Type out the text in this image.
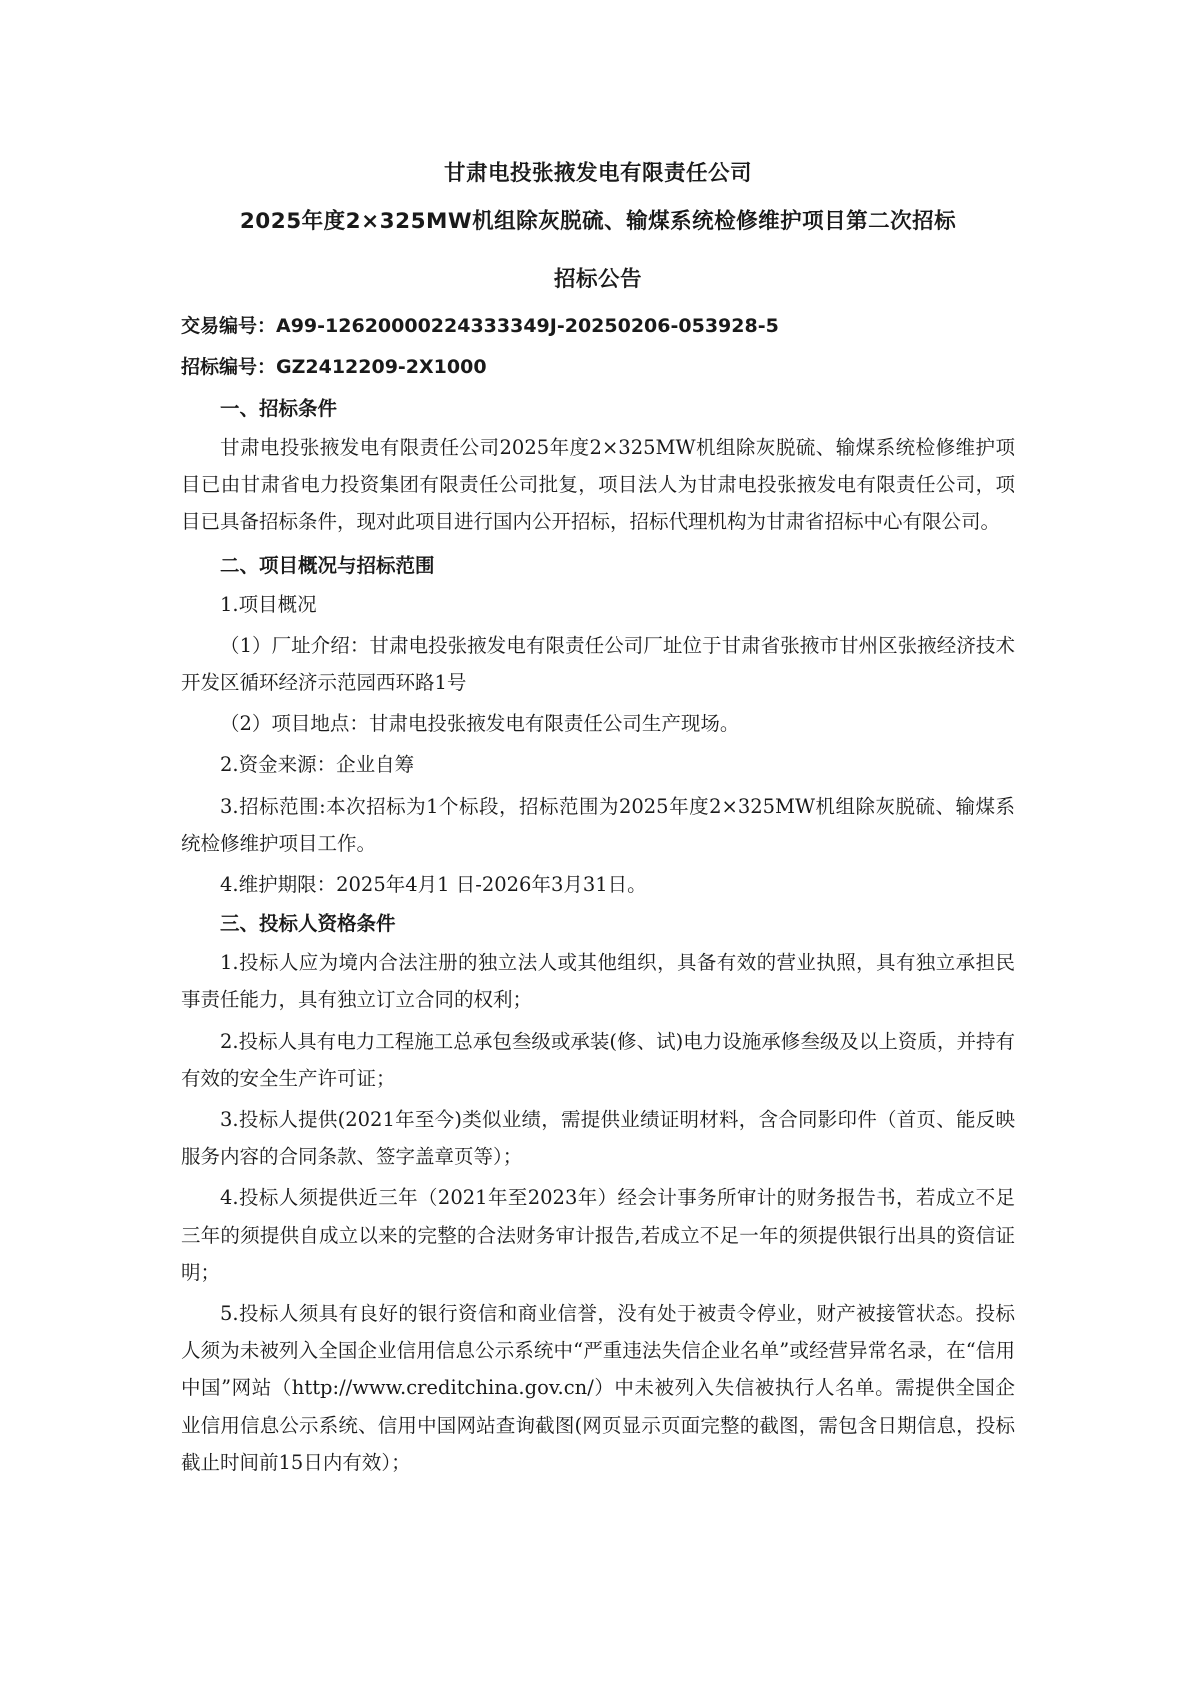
甘肃电投张掖发电有限责任公司
2025年度2×325MW机组除灰脱硫、输煤系统检修维护项目第二次招标
招标公告
交易编号：A99-12620000224333349J-20250206-053928-5
招标编号：GZ2412209-2X1000
一、招标条件

甘肃电投张掖发电有限责任公司2025年度2×325MW机组除灰脱硫、输煤系统检修维护项目已由甘肃省电力投资集团有限责任公司批复，项目法人为甘肃电投张掖发电有限责任公司，项目已具备招标条件，现对此项目进行国内公开招标，招标代理机构为甘肃省招标中心有限公司。

二、项目概况与招标范围

1.项目概况

（1）厂址介绍：甘肃电投张掖发电有限责任公司厂址位于甘肃省张掖市甘州区张掖经济技术开发区循环经济示范园西环路1号

（2）项目地点：甘肃电投张掖发电有限责任公司生产现场。

2.资金来源：企业自筹

3.招标范围:本次招标为1个标段，招标范围为2025年度2×325MW机组除灰脱硫、输煤系统检修维护项目工作。

4.维护期限：2025年4月1 日-2026年3月31日。

三、投标人资格条件

1.投标人应为境内合法注册的独立法人或其他组织，具备有效的营业执照，具有独立承担民事责任能力，具有独立订立合同的权利；

2.投标人具有电力工程施工总承包叁级或承装(修、试)电力设施承修叁级及以上资质，并持有有效的安全生产许可证；

3.投标人提供(2021年至今)类似业绩，需提供业绩证明材料，含合同影印件（首页、能反映服务内容的合同条款、签字盖章页等）；

4.投标人须提供近三年（2021年至2023年）经会计事务所审计的财务报告书，若成立不足三年的须提供自成立以来的完整的合法财务审计报告,若成立不足一年的须提供银行出具的资信证明；

5.投标人须具有良好的银行资信和商业信誉，没有处于被责令停业，财产被接管状态。投标人须为未被列入全国企业信用信息公示系统中“严重违法失信企业名单”或经营异常名录，在“信用中国”网站（http://www.creditchina.gov.cn/）中未被列入失信被执行人名单。需提供全国企业信用信息公示系统、信用中国网站查询截图(网页显示页面完整的截图，需包含日期信息，投标截止时间前15日内有效）；
